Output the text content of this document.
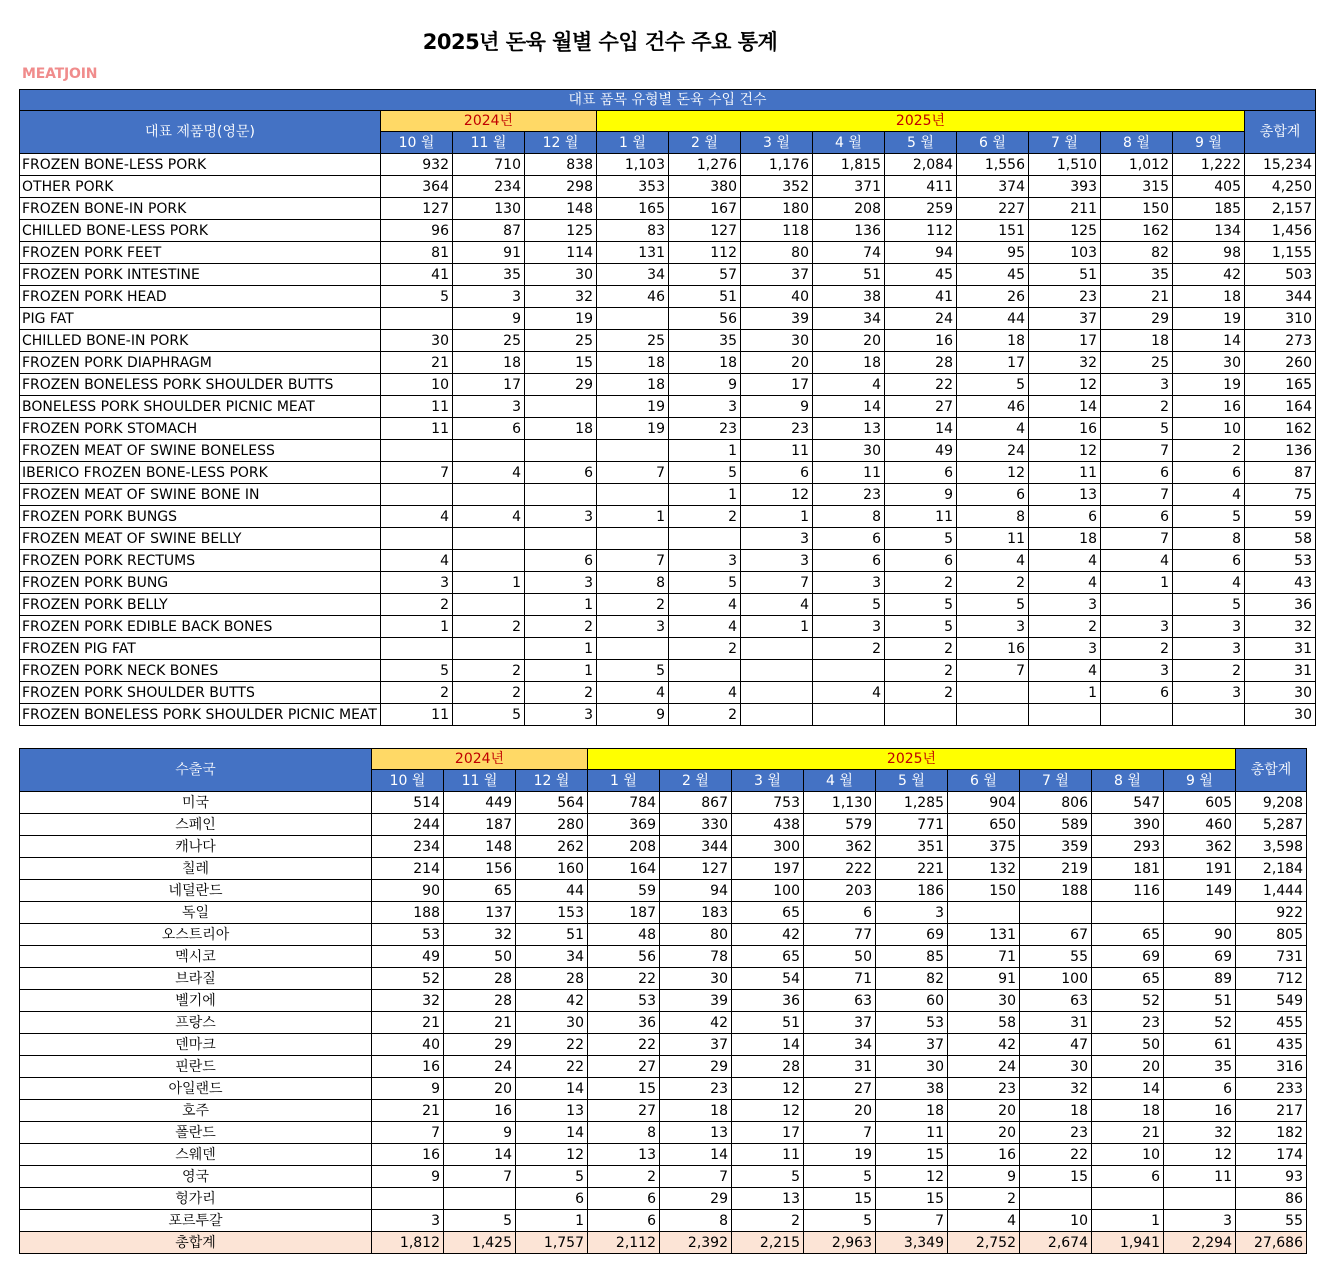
2025년 돈육 월별 수입 건수 주요 통계
MEATJOIN
대표 품목 유형별 돈육 수입 건수													
대표 제품명(영문)	2024년			2025년									총합계
	10 월	11 월	12 월	1 월	2 월	3 월	4 월	5 월	6 월	7 월	8 월	9 월	
FROZEN BONE-LESS PORK	932	710	838	1,103	1,276	1,176	1,815	2,084	1,556	1,510	1,012	1,222	15,234
OTHER PORK	364	234	298	353	380	352	371	411	374	393	315	405	4,250
FROZEN BONE-IN PORK	127	130	148	165	167	180	208	259	227	211	150	185	2,157
CHILLED BONE-LESS PORK	96	87	125	83	127	118	136	112	151	125	162	134	1,456
FROZEN PORK FEET	81	91	114	131	112	80	74	94	95	103	82	98	1,155
FROZEN PORK INTESTINE	41	35	30	34	57	37	51	45	45	51	35	42	503
FROZEN PORK HEAD	5	3	32	46	51	40	38	41	26	23	21	18	344
PIG FAT		9	19		56	39	34	24	44	37	29	19	310
CHILLED BONE-IN PORK	30	25	25	25	35	30	20	16	18	17	18	14	273
FROZEN PORK DIAPHRAGM	21	18	15	18	18	20	18	28	17	32	25	30	260
FROZEN BONELESS PORK SHOULDER BUTTS	10	17	29	18	9	17	4	22	5	12	3	19	165
BONELESS PORK SHOULDER PICNIC MEAT	11	3		19	3	9	14	27	46	14	2	16	164
FROZEN PORK STOMACH	11	6	18	19	23	23	13	14	4	16	5	10	162
FROZEN MEAT OF SWINE BONELESS					1	11	30	49	24	12	7	2	136
IBERICO FROZEN BONE-LESS PORK	7	4	6	7	5	6	11	6	12	11	6	6	87
FROZEN MEAT OF SWINE BONE IN					1	12	23	9	6	13	7	4	75
FROZEN PORK BUNGS	4	4	3	1	2	1	8	11	8	6	6	5	59
FROZEN MEAT OF SWINE BELLY						3	6	5	11	18	7	8	58
FROZEN PORK RECTUMS	4		6	7	3	3	6	6	4	4	4	6	53
FROZEN PORK BUNG	3	1	3	8	5	7	3	2	2	4	1	4	43
FROZEN PORK BELLY	2		1	2	4	4	5	5	5	3		5	36
FROZEN PORK EDIBLE BACK BONES	1	2	2	3	4	1	3	5	3	2	3	3	32
FROZEN PIG FAT			1		2		2	2	16	3	2	3	31
FROZEN PORK NECK BONES	5	2	1	5				2	7	4	3	2	31
FROZEN PORK SHOULDER BUTTS	2	2	2	4	4		4	2		1	6	3	30
FROZEN BONELESS PORK SHOULDER PICNIC MEAT	11	5	3	9	2								30
수출국	2024년			2025년									총합계
	10 월	11 월	12 월	1 월	2 월	3 월	4 월	5 월	6 월	7 월	8 월	9 월	
미국	514	449	564	784	867	753	1,130	1,285	904	806	547	605	9,208
스페인	244	187	280	369	330	438	579	771	650	589	390	460	5,287
캐나다	234	148	262	208	344	300	362	351	375	359	293	362	3,598
칠레	214	156	160	164	127	197	222	221	132	219	181	191	2,184
네덜란드	90	65	44	59	94	100	203	186	150	188	116	149	1,444
독일	188	137	153	187	183	65	6	3					922
오스트리아	53	32	51	48	80	42	77	69	131	67	65	90	805
멕시코	49	50	34	56	78	65	50	85	71	55	69	69	731
브라질	52	28	28	22	30	54	71	82	91	100	65	89	712
벨기에	32	28	42	53	39	36	63	60	30	63	52	51	549
프랑스	21	21	30	36	42	51	37	53	58	31	23	52	455
덴마크	40	29	22	22	37	14	34	37	42	47	50	61	435
핀란드	16	24	22	27	29	28	31	30	24	30	20	35	316
아일랜드	9	20	14	15	23	12	27	38	23	32	14	6	233
호주	21	16	13	27	18	12	20	18	20	18	18	16	217
폴란드	7	9	14	8	13	17	7	11	20	23	21	32	182
스웨덴	16	14	12	13	14	11	19	15	16	22	10	12	174
영국	9	7	5	2	7	5	5	12	9	15	6	11	93
헝가리			6	6	29	13	15	15	2				86
포르투갈	3	5	1	6	8	2	5	7	4	10	1	3	55
총합계	1,812	1,425	1,757	2,112	2,392	2,215	2,963	3,349	2,752	2,674	1,941	2,294	27,686
